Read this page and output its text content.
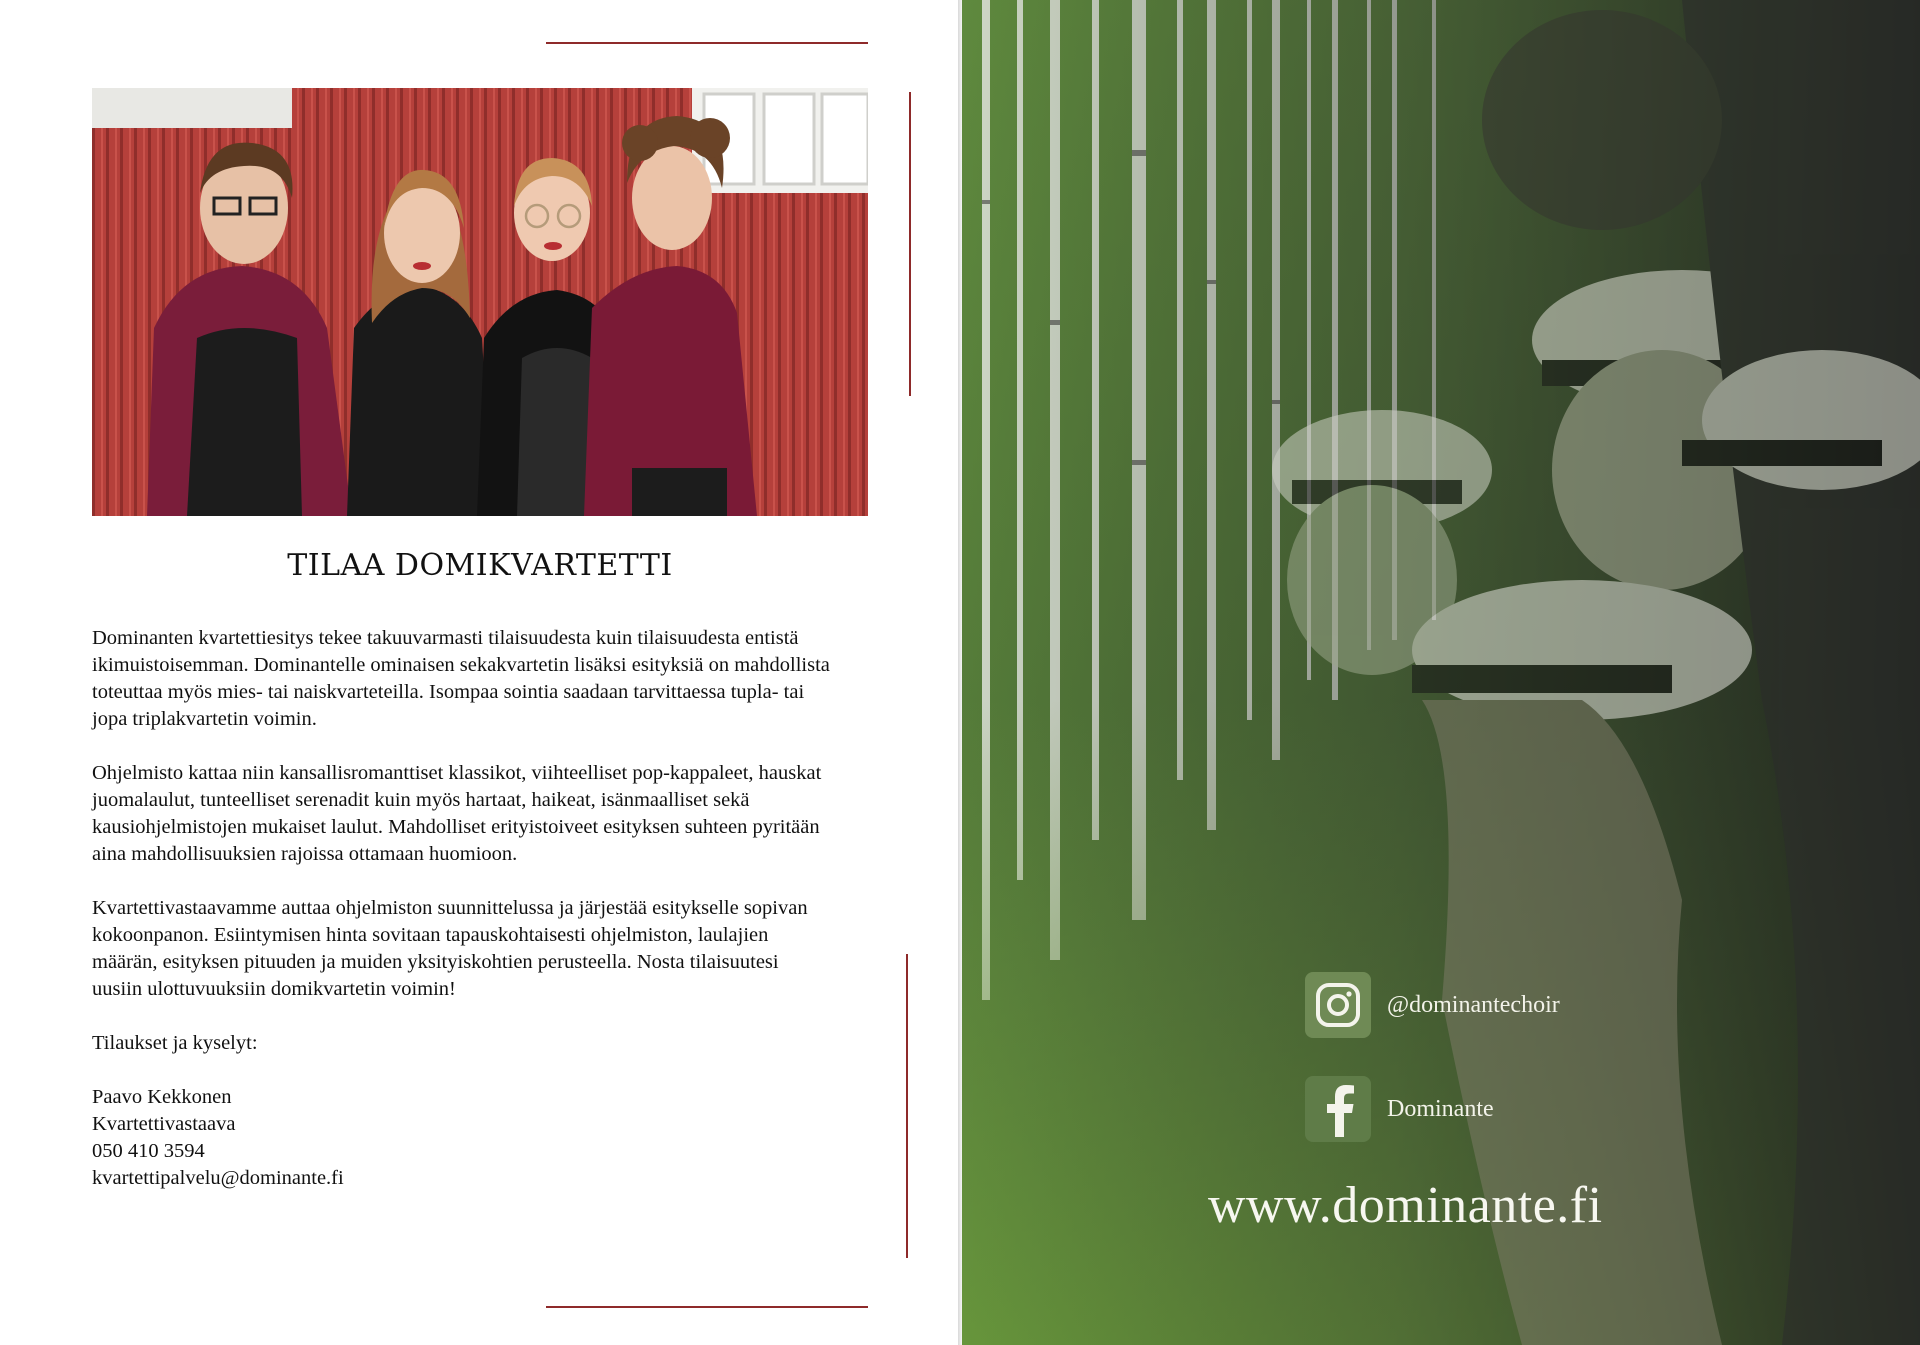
TILAA DOMIKVARTETTI

Dominanten kvartettiesitys tekee takuuvarmasti tilaisuudesta kuin tilaisuudesta entistä ikimuistoisemman. Dominantelle ominaisen sekakvartetin lisäksi esityksiä on mahdollista toteuttaa myös mies- tai naiskvarteteilla. Isompaa sointia saadaan tarvittaessa tupla- tai jopa triplakvartetin voimin.

Ohjelmisto kattaa niin kansallisromanttiset klassikot, viihteelliset pop-kappaleet, hauskat juomalaulut, tunteelliset serenadit kuin myös hartaat, haikeat, isänmaalliset sekä kausiohjelmistojen mukaiset laulut. Mahdolliset erityistoiveet esityksen suhteen pyritään aina mahdollisuuksien rajoissa ottamaan huomioon.

Kvartettivastaavamme auttaa ohjelmiston suunnittelussa ja järjestää esitykselle sopivan kokoonpanon. Esiintymisen hinta sovitaan tapauskohtaisesti ohjelmiston, laulajien määrän, esityksen pituuden ja muiden yksityiskohtien perusteella. Nosta tilaisuutesi uusiin ulottuvuuksiin domikvartetin voimin!

Tilaukset ja kyselyt:

Paavo Kekkonen
Kvartettivastaava
050 410 3594
kvartettipalvelu@dominante.fi
@dominantechoir
Dominante
www.dominante.fi
